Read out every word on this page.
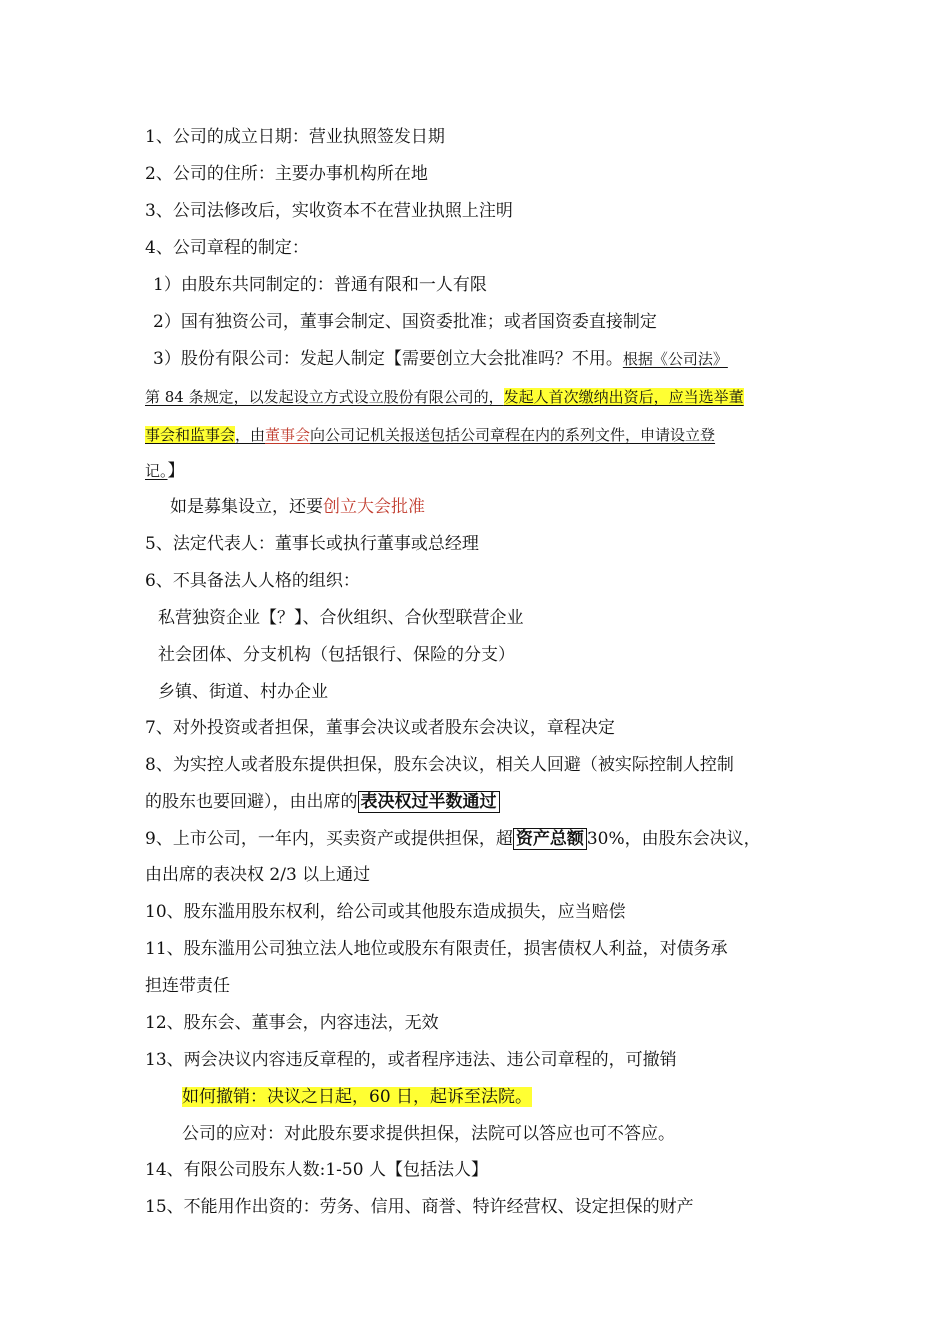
1、公司的成立日期：营业执照签发日期
2、公司的住所：主要办事机构所在地
3、公司法修改后，实收资本不在营业执照上注明
4、公司章程的制定：
1）由股东共同制定的：普通有限和一人有限
2）国有独资公司，董事会制定、国资委批准；或者国资委直接制定
3）股份有限公司：发起人制定【需要创立大会批准吗？不用。根据《公司法》
第 84 条规定，以发起设立方式设立股份有限公司的，发起人首次缴纳出资后，应当选举董
事会和监事会，由董事会向公司记机关报送包括公司章程在内的系列文件，申请设立登
记。】
如是募集设立，还要创立大会批准
5、法定代表人：董事长或执行董事或总经理
6、不具备法人人格的组织：
私营独资企业【？】、合伙组织、合伙型联营企业
社会团体、分支机构（包括银行、保险的分支）
乡镇、街道、村办企业
7、对外投资或者担保，董事会决议或者股东会决议，章程决定
8、为实控人或者股东提供担保，股东会决议，相关人回避（被实际控制人控制
的股东也要回避），由出席的 表决权过半数通过
9、上市公司，一年内，买卖资产或提供担保，超 资产总额 30%，由股东会决议，
由出席的表决权 2/3 以上通过
10、股东滥用股东权利，给公司或其他股东造成损失，应当赔偿
11、股东滥用公司独立法人地位或股东有限责任，损害债权人利益，对债务承
担连带责任
12、股东会、董事会，内容违法，无效
13、两会决议内容违反章程的，或者程序违法、违公司章程的，可撤销
如何撤销：决议之日起，60 日，起诉至法院。
公司的应对：对此股东要求提供担保，法院可以答应也可不答应。
14、有限公司股东人数:1-50 人【包括法人】
15、不能用作出资的：劳务、信用、商誉、特许经营权、设定担保的财产
